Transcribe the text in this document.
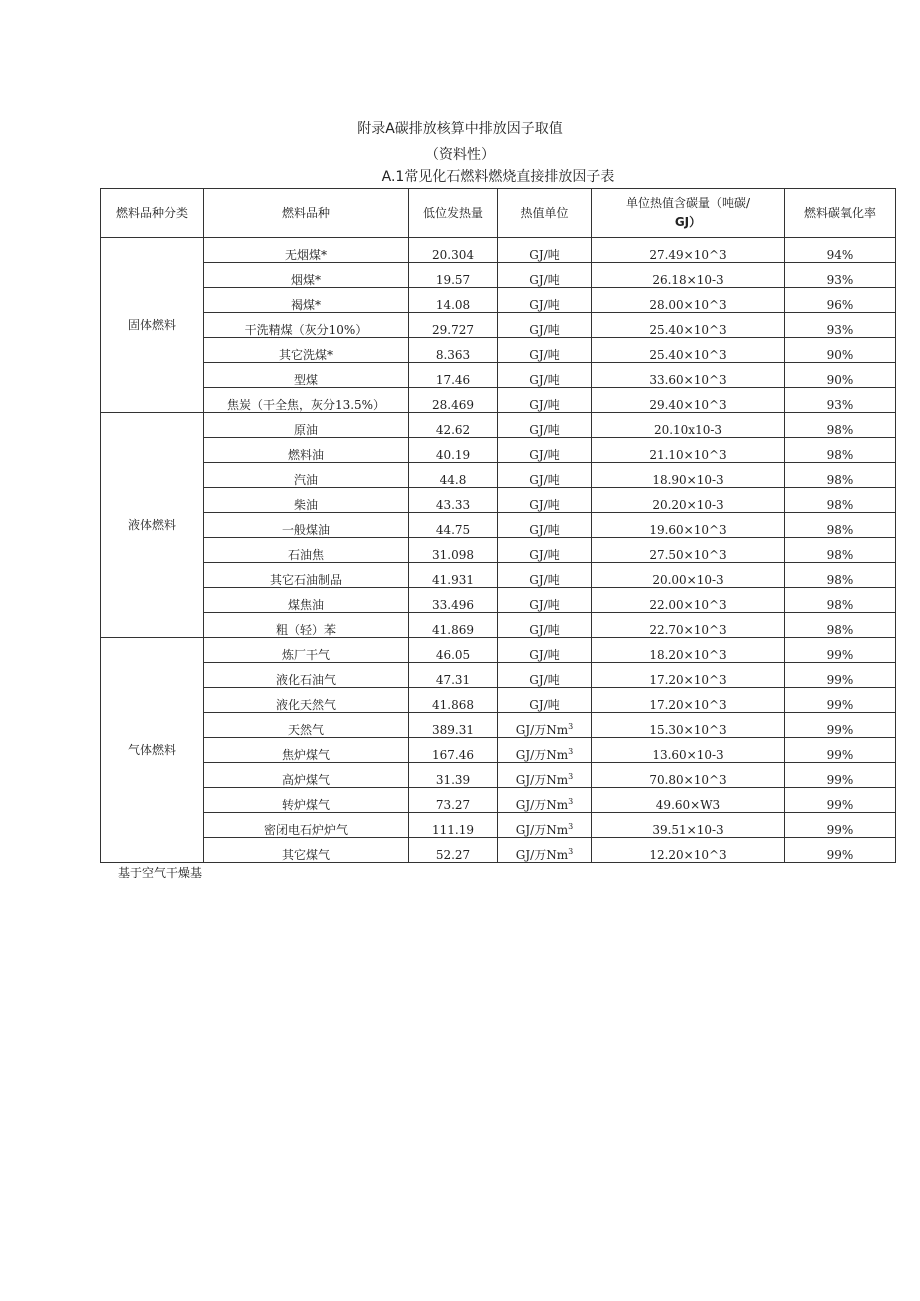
附录A碳排放核算中排放因子取值
（资料性）
A.1常见化石燃料燃烧直接排放因子表
燃料品种分类	燃料品种	低位发热量	热值单位	单位热值含碳量（吨碳/
GJ）	燃料碳氧化率
固体燃料	无烟煤*	20.304	GJ/吨	27.49×10^3	94%
	烟煤*	19.57	GJ/吨	26.18×10-3	93%
	褐煤*	14.08	GJ/吨	28.00×10^3	96%
	干洗精煤（灰分10%）	29.727	GJ/吨	25.40×10^3	93%
	其它洗煤*	8.363	GJ/吨	25.40×10^3	90%
	型煤	17.46	GJ/吨	33.60×10^3	90%
	焦炭（干全焦，灰分13.5%）	28.469	GJ/吨	29.40×10^3	93%
液体燃料	原油	42.62	GJ/吨	20.10x10-3	98%
	燃料油	40.19	GJ/吨	21.10×10^3	98%
	汽油	44.8	GJ/吨	18.90×10-3	98%
	柴油	43.33	GJ/吨	20.20×10-3	98%
	一般煤油	44.75	GJ/吨	19.60×10^3	98%
	石油焦	31.098	GJ/吨	27.50×10^3	98%
	其它石油制品	41.931	GJ/吨	20.00×10-3	98%
	煤焦油	33.496	GJ/吨	22.00×10^3	98%
	粗（轻）苯	41.869	GJ/吨	22.70×10^3	98%
气体燃料	炼厂干气	46.05	GJ/吨	18.20×10^3	99%
	液化石油气	47.31	GJ/吨	17.20×10^3	99%
	液化天然气	41.868	GJ/吨	17.20×10^3	99%
	天然气	389.31	GJ/万Nm$^3$	15.30×10^3	99%
	焦炉煤气	167.46	GJ/万Nm$^3$	13.60×10-3	99%
	高炉煤气	31.39	GJ/万Nm$^3$	70.80×10^3	99%
	转炉煤气	73.27	GJ/万Nm$^3$	49.60×W3	99%
	密闭电石炉炉气	111.19	GJ/万Nm$^3$	39.51×10-3	99%
	其它煤气	52.27	GJ/万Nm$^3$	12.20×10^3	99%
基于空气干燥基
